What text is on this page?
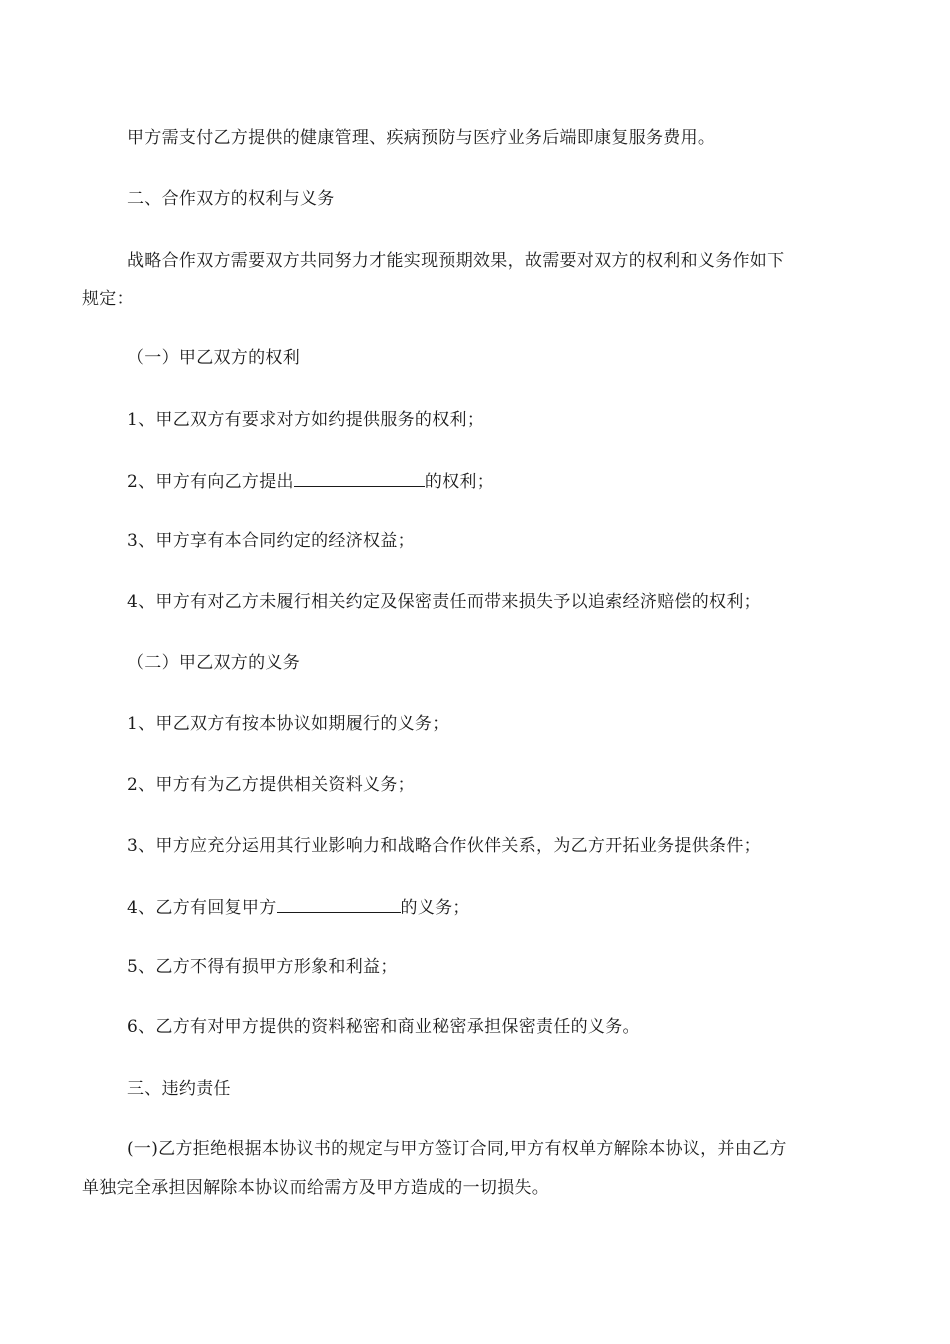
甲方需支付乙方提供的健康管理、疾病预防与医疗业务后端即康复服务费用。
二、合作双方的权利与义务
战略合作双方需要双方共同努力才能实现预期效果，故需要对双方的权利和义务作如下
规定：
（一）甲乙双方的权利
1、甲乙双方有要求对方如约提供服务的权利；
2、甲方有向乙方提出	的权利；
3、甲方享有本合同约定的经济权益；
4、甲方有对乙方未履行相关约定及保密责任而带来损失予以追索经济赔偿的权利；
（二）甲乙双方的义务
1、甲乙双方有按本协议如期履行的义务；
2、甲方有为乙方提供相关资料义务；
3、甲方应充分运用其行业影响力和战略合作伙伴关系，为乙方开拓业务提供条件；
4、乙方有回复甲方	的义务；
5、乙方不得有损甲方形象和利益；
6、乙方有对甲方提供的资料秘密和商业秘密承担保密责任的义务。
三、违约责任
(一)乙方拒绝根据本协议书的规定与甲方签订合同,甲方有权单方解除本协议，并由乙方
单独完全承担因解除本协议而给需方及甲方造成的一切损失。
